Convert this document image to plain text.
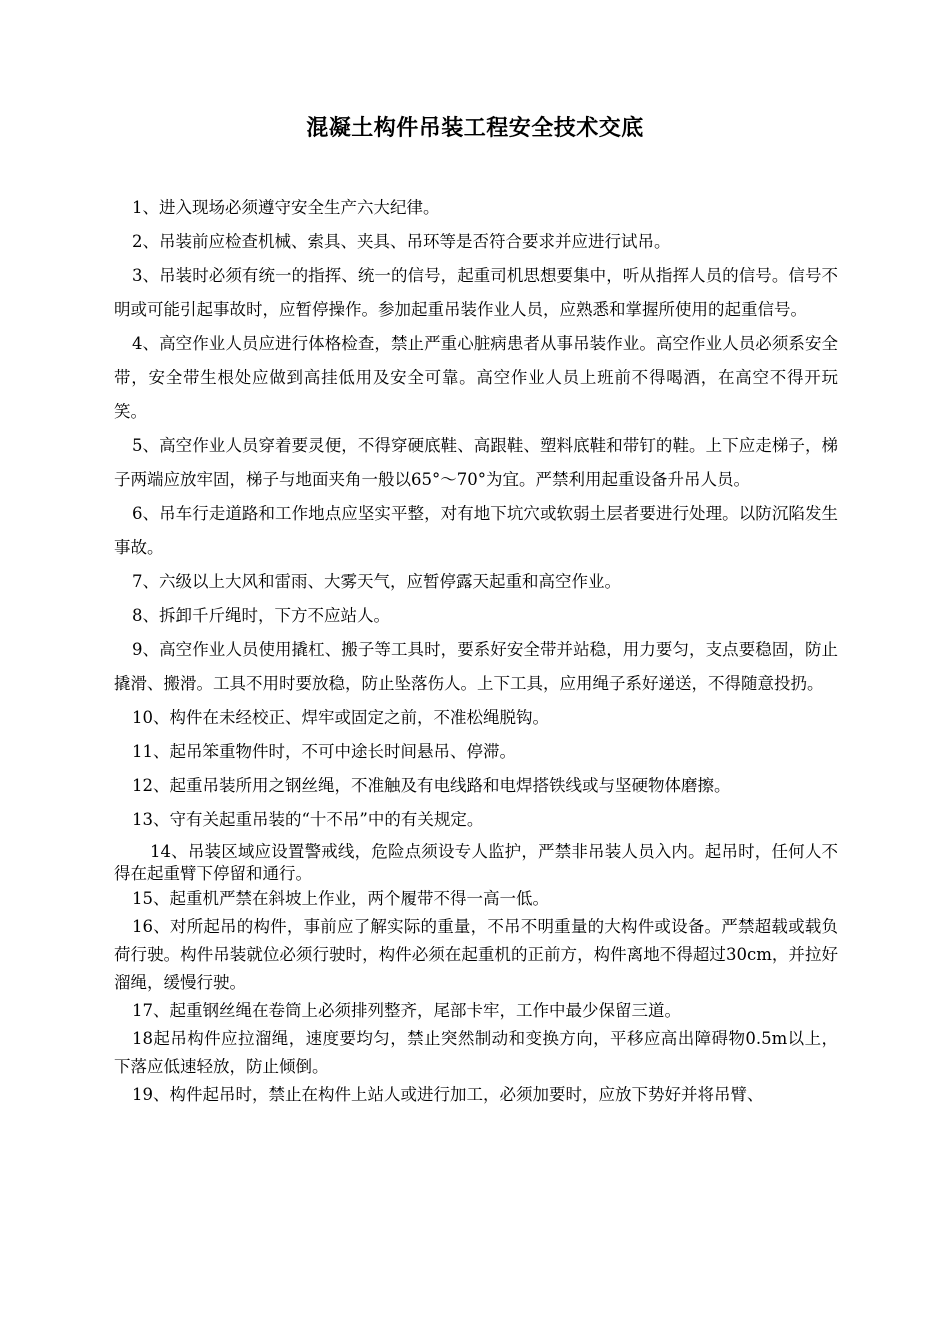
混凝土构件吊装工程安全技术交底

1、进入现场必须遵守安全生产六大纪律。

2、吊装前应检查机械、索具、夹具、吊环等是否符合要求并应进行试吊。

3、吊装时必须有统一的指挥、统一的信号，起重司机思想要集中，听从指挥人员的信号。信号不明或可能引起事故时，应暂停操作。参加起重吊装作业人员，应熟悉和掌握所使用的起重信号。

4、高空作业人员应进行体格检查，禁止严重心脏病患者从事吊装作业。高空作业人员必须系安全带，安全带生根处应做到高挂低用及安全可靠。高空作业人员上班前不得喝酒，在高空不得开玩笑。

5、高空作业人员穿着要灵便，不得穿硬底鞋、高跟鞋、塑料底鞋和带钉的鞋。上下应走梯子，梯子两端应放牢固，梯子与地面夹角一般以65°～70°为宜。严禁利用起重设备升吊人员。

6、吊车行走道路和工作地点应坚实平整，对有地下坑穴或软弱土层者要进行处理。以防沉陷发生事故。

7、六级以上大风和雷雨、大雾天气，应暂停露天起重和高空作业。

8、拆卸千斤绳时，下方不应站人。

9、高空作业人员使用撬杠、搬子等工具时，要系好安全带并站稳，用力要匀，支点要稳固，防止撬滑、搬滑。工具不用时要放稳，防止坠落伤人。上下工具，应用绳子系好递送，不得随意投扔。

10、构件在未经校正、焊牢或固定之前，不准松绳脱钩。

11、起吊笨重物件时，不可中途长时间悬吊、停滞。

12、起重吊装所用之钢丝绳，不准触及有电线路和电焊搭铁线或与坚硬物体磨擦。

13、守有关起重吊装的“十不吊”中的有关规定。

14、吊装区域应设置警戒线，危险点须设专人监护，严禁非吊装人员入内。起吊时，任何人不得在起重臂下停留和通行。

15、起重机严禁在斜坡上作业，两个履带不得一高一低。

16、对所起吊的构件，事前应了解实际的重量，不吊不明重量的大构件或设备。严禁超载或载负荷行驶。构件吊装就位必须行驶时，构件必须在起重机的正前方，构件离地不得超过30cm，并拉好溜绳，缓慢行驶。

17、起重钢丝绳在卷筒上必须排列整齐，尾部卡牢，工作中最少保留三道。

18起吊构件应拉溜绳，速度要均匀，禁止突然制动和变换方向，平移应高出障碍物0.5m以上，下落应低速轻放，防止倾倒。

19、构件起吊时，禁止在构件上站人或进行加工，必须加要时，应放下势好并将吊臂、
